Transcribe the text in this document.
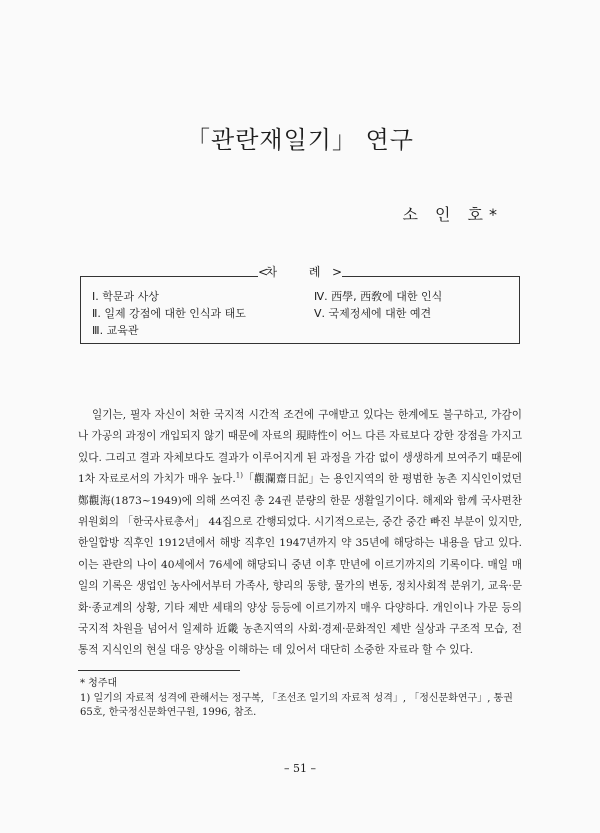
「관란재일기」 연구
소 인 호*
< 차 례 >
Ⅰ. 학문과 사상
Ⅱ. 일제 강점에 대한 인식과 태도
Ⅲ. 교육관
Ⅳ. 西學, 西敎에 대한 인식
Ⅴ. 국제정세에 대한 예견
일기는, 필자 자신이 처한 국지적 시간적 조건에 구애받고 있다는 한계에도 불구하고, 가감이나 가공의 과정이 개입되지 않기 때문에 자료의 現時性이 어느 다른 자료보다 강한 장점을 가지고 있다. 그리고 결과 자체보다도 결과가 이루어지게 된 과정을 가감 없이 생생하게 보여주기 때문에 1차 자료로서의 가치가 매우 높다.$^{1)}$「觀瀾齋日記」는 용인지역의 한 평범한 농촌 지식인이었던 鄭觀海(1873~1949)에 의해 쓰여진 총 24권 분량의 한문 생활일기이다. 해제와 함께 국사편찬위원회의 「한국사료총서」 44집으로 간행되었다. 시기적으로는, 중간 중간 빠진 부분이 있지만, 한일합방 직후인 1912년에서 해방 직후인 1947년까지 약 35년에 해당하는 내용을 담고 있다. 이는 관란의 나이 40세에서 76세에 해당되니 중년 이후 만년에 이르기까지의 기록이다. 매일 매일의 기록은 생업인 농사에서부터 가족사, 향리의 동향, 물가의 변동, 정치사회적 분위기, 교육·문화·종교계의 상황, 기타 제반 세태의 양상 등등에 이르기까지 매우 다양하다. 개인이나 가문 등의 국지적 차원을 넘어서 일제하 近畿 농촌지역의 사회·경제·문화적인 제반 실상과 구조적 모습, 전통적 지식인의 현실 대응 양상을 이해하는 데 있어서 대단히 소중한 자료라 할 수 있다.
* 청주대
1) 일기의 자료적 성격에 관해서는 정구복, 「조선조 일기의 자료적 성격」, 「정신문화연구」, 통권 65호, 한국정신문화연구원, 1996, 참조.
– 51 –
